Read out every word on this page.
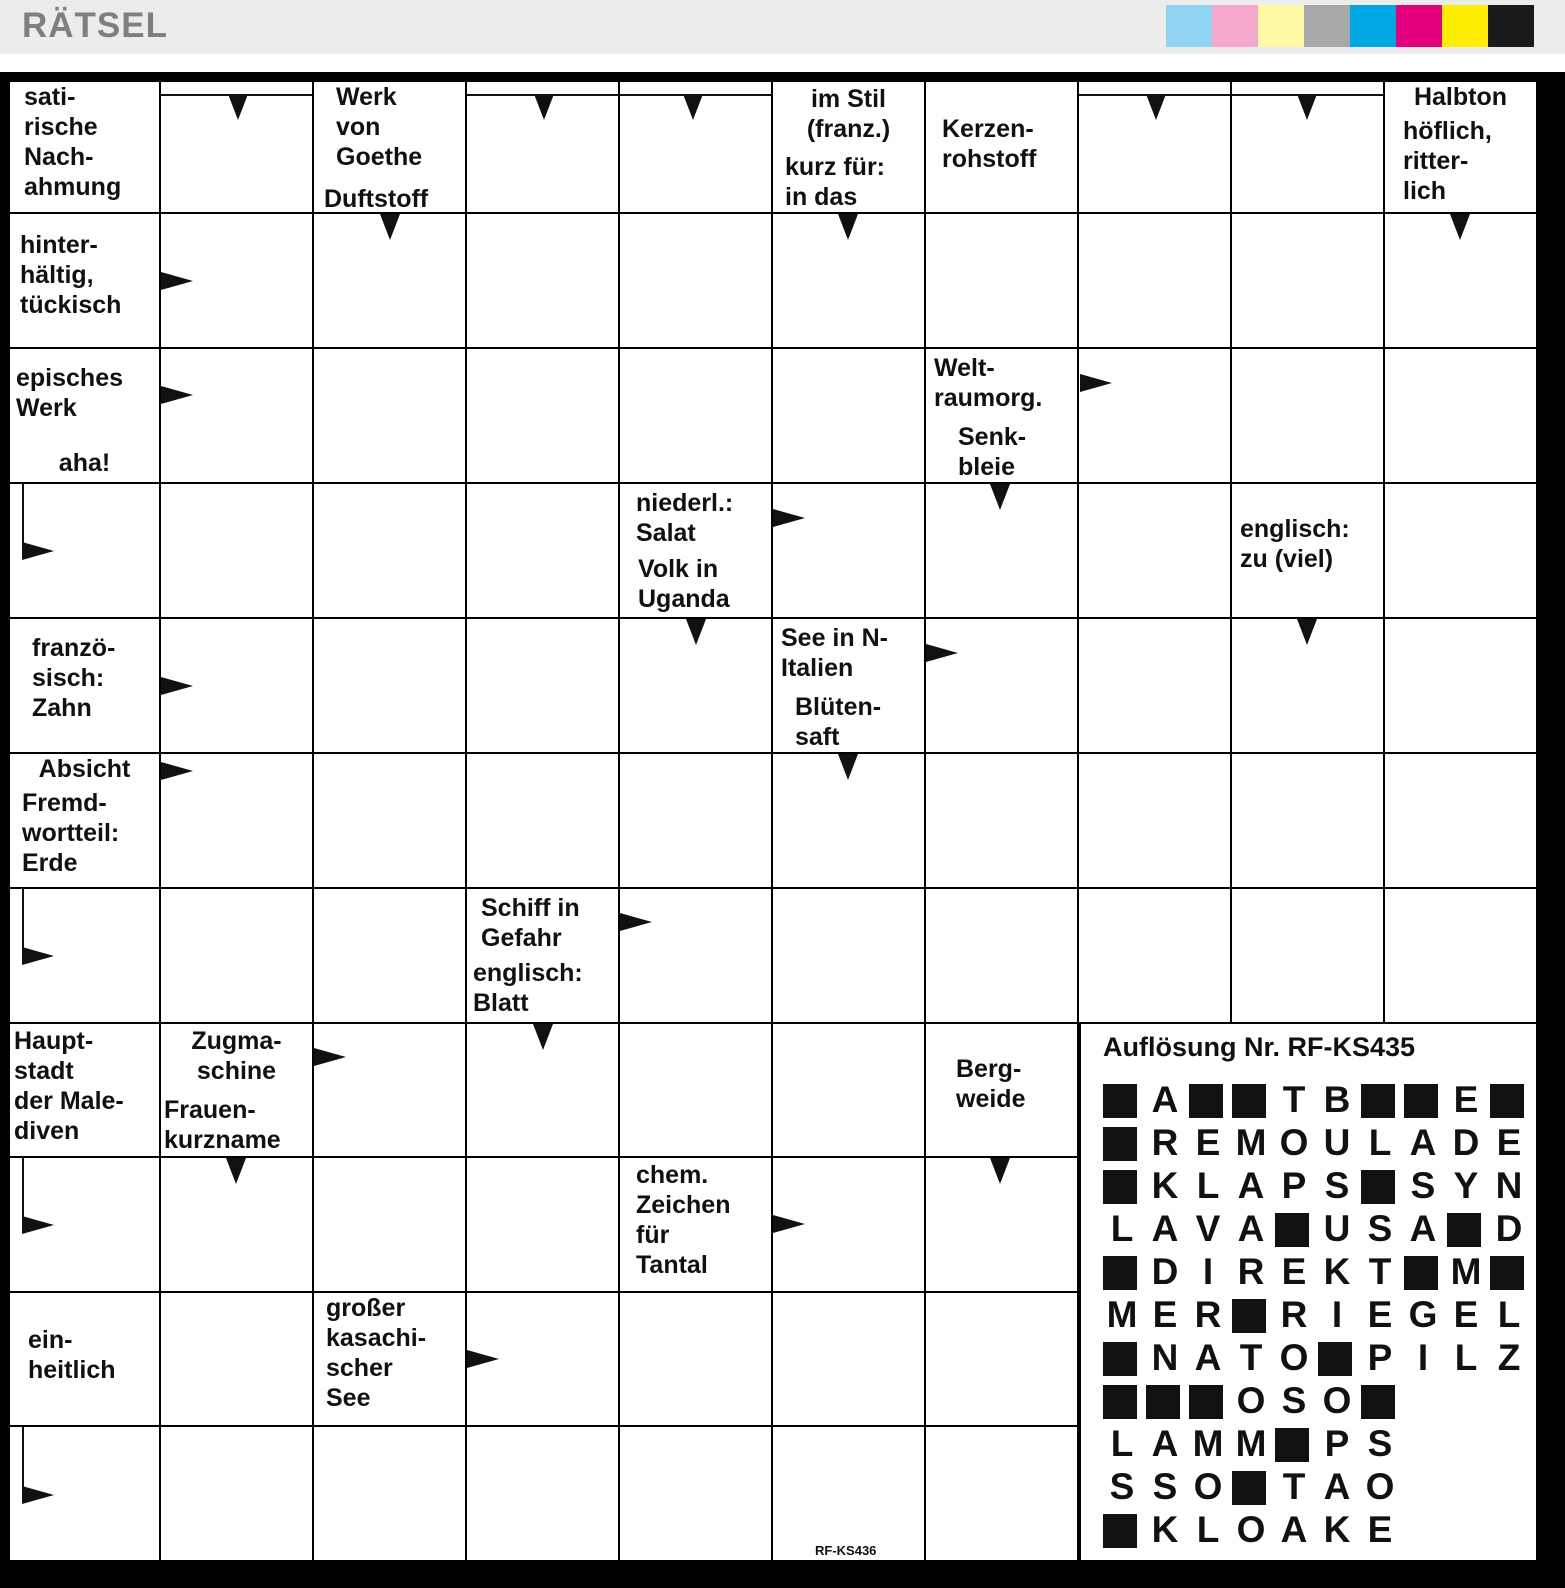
RÄTSEL
sati-
rische
Nach-
ahmung
Werk
von
Goethe
Duftstoff
im Stil
(franz.)
kurz für:
in das
Kerzen-
rohstoff
Halbton
höflich,
ritter-
lich
hinter-
hältig,
tückisch
episches
Werk
aha!
Welt-
raumorg.
Senk-
bleie
niederl.:
Salat
Volk in
Uganda
englisch:
zu (viel)
franzö-
sisch:
Zahn
See in N-
Italien
Blüten-
saft
Absicht
Fremd-
wortteil:
Erde
Schiff in
Gefahr
englisch:
Blatt
Haupt-
stadt
der Male-
diven
Zugma-
schine
Frauen-
kurzname
Berg-
weide
chem.
Zeichen
für
Tantal
ein-
heitlich
großer
kasachi-
scher
See
Auflösung Nr. RF-KS435
A	T B	E
R E M O U L A D E
K L A P S S Y N
L A V A U S A D
D I R E K T M
M E R R I E G E L
N A T O P I L Z
O S O
L A M M P S
S S O T A O
K L O A K E
RF-KS436
